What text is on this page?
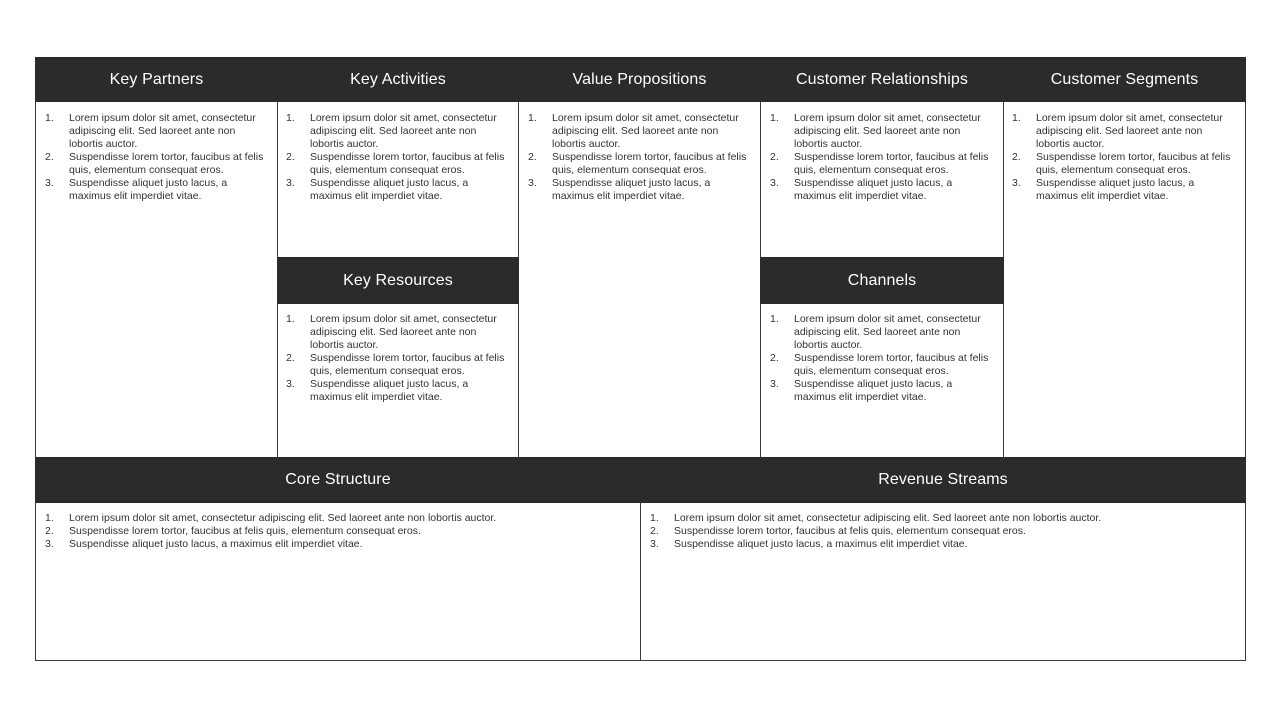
Key Partners	Key Activities	Value Propositions	Customer Relationships	Customer Segments
Key Resources	Channels
Core Structure	Revenue Streams
1.	Lorem ipsum dolor sit amet, consectetur adipiscing elit. Sed laoreet ante non lobortis auctor.
2.	Suspendisse lorem tortor, faucibus at felis quis, elementum consequat eros.
3.	Suspendisse aliquet justo lacus, a maximus elit imperdiet vitae.
1.	Lorem ipsum dolor sit amet, consectetur adipiscing elit. Sed laoreet ante non lobortis auctor.
2.	Suspendisse lorem tortor, faucibus at felis quis, elementum consequat eros.
3.	Suspendisse aliquet justo lacus, a maximus elit imperdiet vitae.
1.	Lorem ipsum dolor sit amet, consectetur adipiscing elit. Sed laoreet ante non lobortis auctor.
2.	Suspendisse lorem tortor, faucibus at felis quis, elementum consequat eros.
3.	Suspendisse aliquet justo lacus, a maximus elit imperdiet vitae.
1.	Lorem ipsum dolor sit amet, consectetur adipiscing elit. Sed laoreet ante non lobortis auctor.
2.	Suspendisse lorem tortor, faucibus at felis quis, elementum consequat eros.
3.	Suspendisse aliquet justo lacus, a maximus elit imperdiet vitae.
1.	Lorem ipsum dolor sit amet, consectetur adipiscing elit. Sed laoreet ante non lobortis auctor.
2.	Suspendisse lorem tortor, faucibus at felis quis, elementum consequat eros.
3.	Suspendisse aliquet justo lacus, a maximus elit imperdiet vitae.
1.	Lorem ipsum dolor sit amet, consectetur adipiscing elit. Sed laoreet ante non lobortis auctor.
2.	Suspendisse lorem tortor, faucibus at felis quis, elementum consequat eros.
3.	Suspendisse aliquet justo lacus, a maximus elit imperdiet vitae.
1.	Lorem ipsum dolor sit amet, consectetur adipiscing elit. Sed laoreet ante non lobortis auctor.
2.	Suspendisse lorem tortor, faucibus at felis quis, elementum consequat eros.
3.	Suspendisse aliquet justo lacus, a maximus elit imperdiet vitae.
1.	Lorem ipsum dolor sit amet, consectetur adipiscing elit. Sed laoreet ante non lobortis auctor.
2.	Suspendisse lorem tortor, faucibus at felis quis, elementum consequat eros.
3.	Suspendisse aliquet justo lacus, a maximus elit imperdiet vitae.
1.	Lorem ipsum dolor sit amet, consectetur adipiscing elit. Sed laoreet ante non lobortis auctor.
2.	Suspendisse lorem tortor, faucibus at felis quis, elementum consequat eros.
3.	Suspendisse aliquet justo lacus, a maximus elit imperdiet vitae.
